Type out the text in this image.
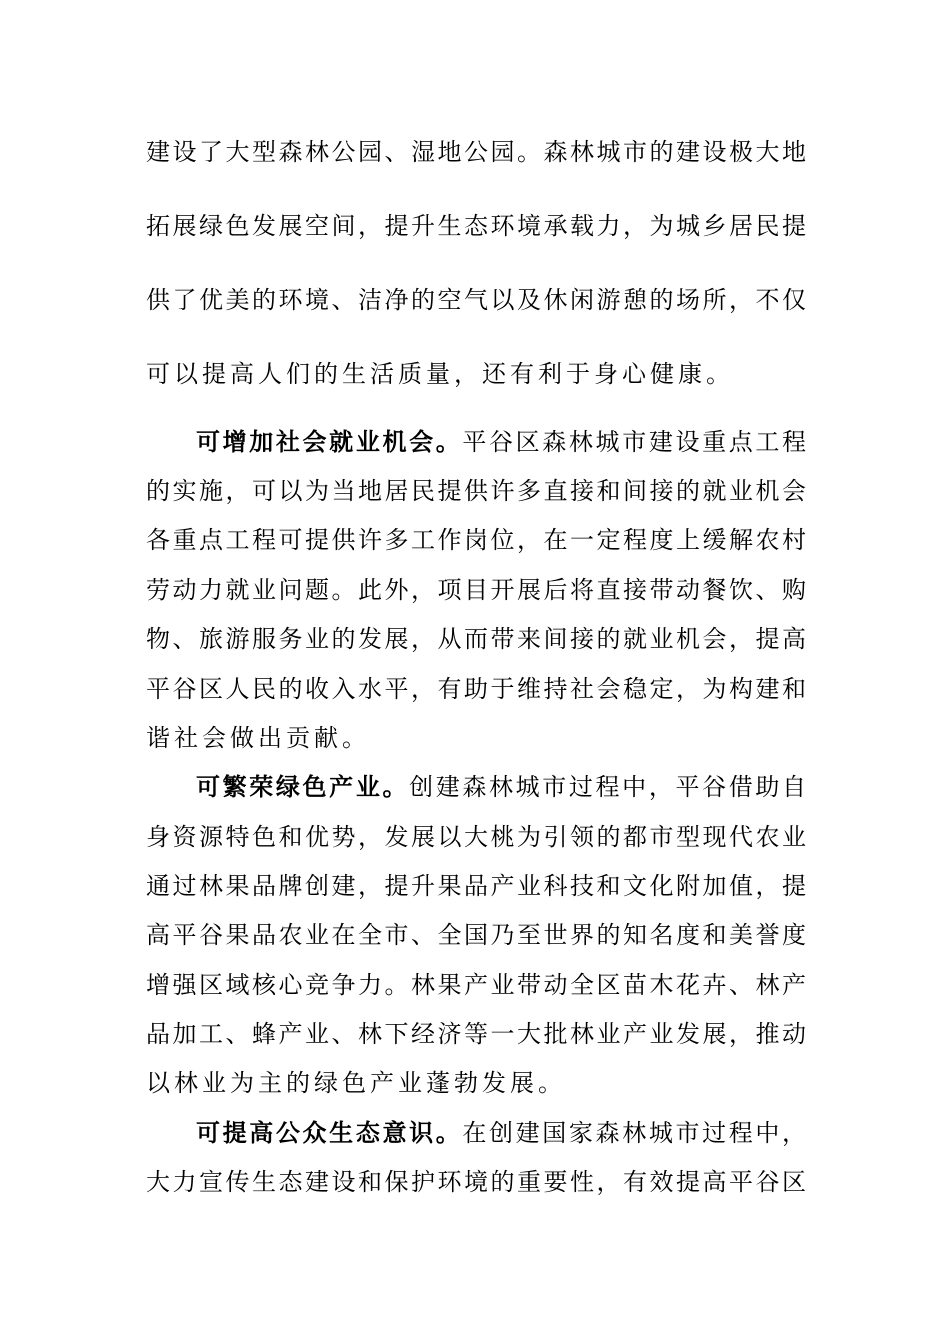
建设了大型森林公园、湿地公园。森林城市的建设极大地
拓展绿色发展空间，提升生态环境承载力，为城乡居民提
供了优美的环境、洁净的空气以及休闲游憩的场所，不仅
可以提高人们的生活质量，还有利于身心健康。
可增加社会就业机会。平谷区森林城市建设重点工程
的实施，可以为当地居民提供许多直接和间接的就业机会
各重点工程可提供许多工作岗位，在一定程度上缓解农村
劳动力就业问题。此外，项目开展后将直接带动餐饮、购
物、旅游服务业的发展，从而带来间接的就业机会，提高
平谷区人民的收入水平，有助于维持社会稳定，为构建和
谐社会做出贡献。
可繁荣绿色产业。创建森林城市过程中，平谷借助自
身资源特色和优势，发展以大桃为引领的都市型现代农业
通过林果品牌创建，提升果品产业科技和文化附加值，提
高平谷果品农业在全市、全国乃至世界的知名度和美誉度
增强区域核心竞争力。林果产业带动全区苗木花卉、林产
品加工、蜂产业、林下经济等一大批林业产业发展，推动
以林业为主的绿色产业蓬勃发展。
可提高公众生态意识。在创建国家森林城市过程中，
大力宣传生态建设和保护环境的重要性，有效提高平谷区
